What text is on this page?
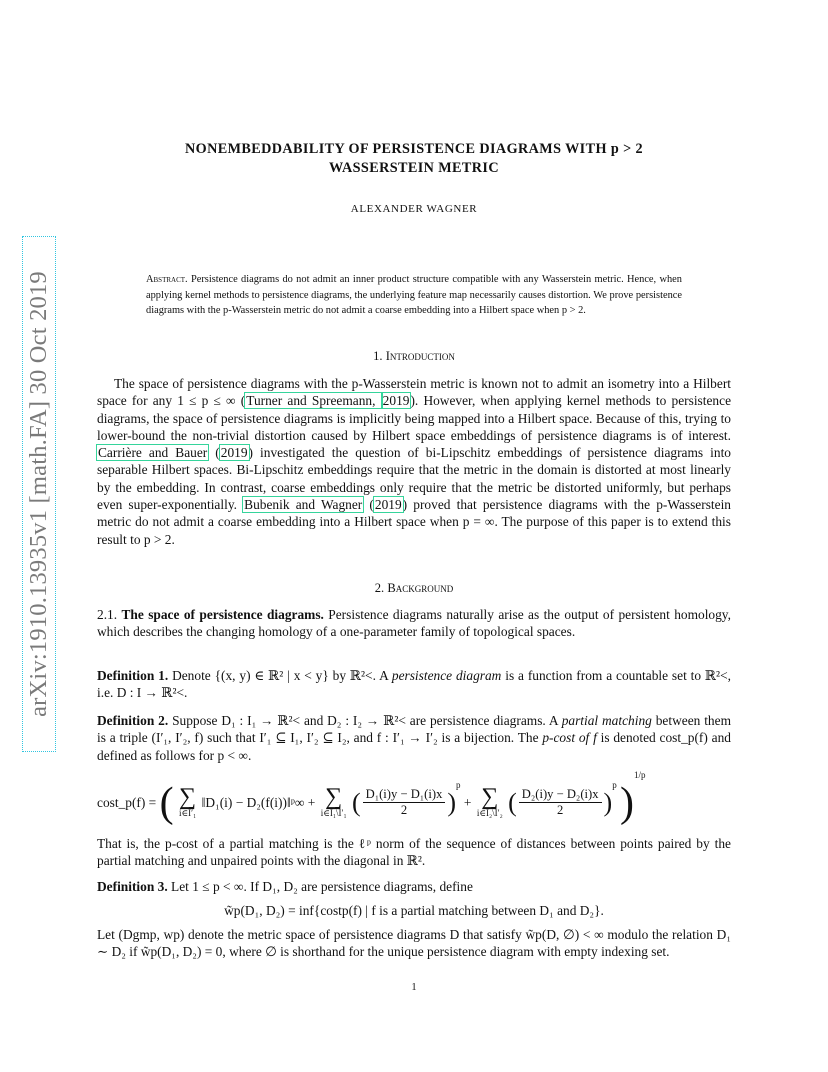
arXiv:1910.13935v1 [math.FA] 30 Oct 2019
NONEMBEDDABILITY OF PERSISTENCE DIAGRAMS WITH p > 2
WASSERSTEIN METRIC
ALEXANDER WAGNER
Abstract. Persistence diagrams do not admit an inner product structure compatible with any Wasserstein metric. Hence, when applying kernel methods to persistence diagrams, the underlying feature map necessarily causes distortion. We prove persistence diagrams with the p-Wasserstein metric do not admit a coarse embedding into a Hilbert space when p > 2.
1. Introduction
The space of persistence diagrams with the p-Wasserstein metric is known not to admit an isometry into a Hilbert space for any 1 ≤ p ≤ ∞ (Turner and Spreemann, 2019). However, when applying kernel methods to persistence diagrams, the space of persistence diagrams is implicitly being mapped into a Hilbert space. Because of this, trying to lower-bound the non-trivial distortion caused by Hilbert space embeddings of persistence diagrams is of interest. Carrière and Bauer (2019) investigated the question of bi-Lipschitz embeddings of persistence diagrams into separable Hilbert spaces. Bi-Lipschitz embeddings require that the metric in the domain is distorted at most linearly by the embedding. In contrast, coarse embeddings only require that the metric be distorted uniformly, but perhaps even super-exponentially. Bubenik and Wagner (2019) proved that persistence diagrams with the p-Wasserstein metric do not admit a coarse embedding into a Hilbert space when p = ∞. The purpose of this paper is to extend this result to p > 2.
2. Background
2.1. The space of persistence diagrams. Persistence diagrams naturally arise as the output of persistent homology, which describes the changing homology of a one-parameter family of topological spaces.
Definition 1. Denote {(x, y) ∈ ℝ² | x < y} by ℝ²<. A persistence diagram is a function from a countable set to ℝ²<, i.e. D : I → ℝ²<.
Definition 2. Suppose D₁ : I₁ → ℝ²< and D₂ : I₂ → ℝ²< are persistence diagrams. A partial matching between them is a triple (I′₁, I′₂, f) such that I′₁ ⊆ I₁, I′₂ ⊆ I₂, and f : I′₁ → I′₂ is a bijection. The p-cost of f is denoted cost_p(f) and defined as follows for p < ∞.
cost_p(f) = ( ∑
i∈I′₁
‖D₁(i) − D₂(f(i))‖ᵖ∞ + ∑
i∈I₁\I′₁ ( $\frac{\text{D₁(i)y − D₁(i)x}}{2} )^p$ + ∑
i∈I₂\I′₂ ( $\frac{\text{D₂(i)y − D₂(i)x}}{2} )^p$ )$^{1/p}$
That is, the p-cost of a partial matching is the ℓᵖ norm of the sequence of distances between points paired by the partial matching and unpaired points with the diagonal in ℝ².
Definition 3. Let 1 ≤ p < ∞. If D₁, D₂ are persistence diagrams, define
w̃p(D₁, D₂) = inf{costp(f) | f is a partial matching between D₁ and D₂}.
Let (Dgmp, wp) denote the metric space of persistence diagrams D that satisfy w̃p(D, ∅) < ∞ modulo the relation D₁ ∼ D₂ if w̃p(D₁, D₂) = 0, where ∅ is shorthand for the unique persistence diagram with empty indexing set.
1
